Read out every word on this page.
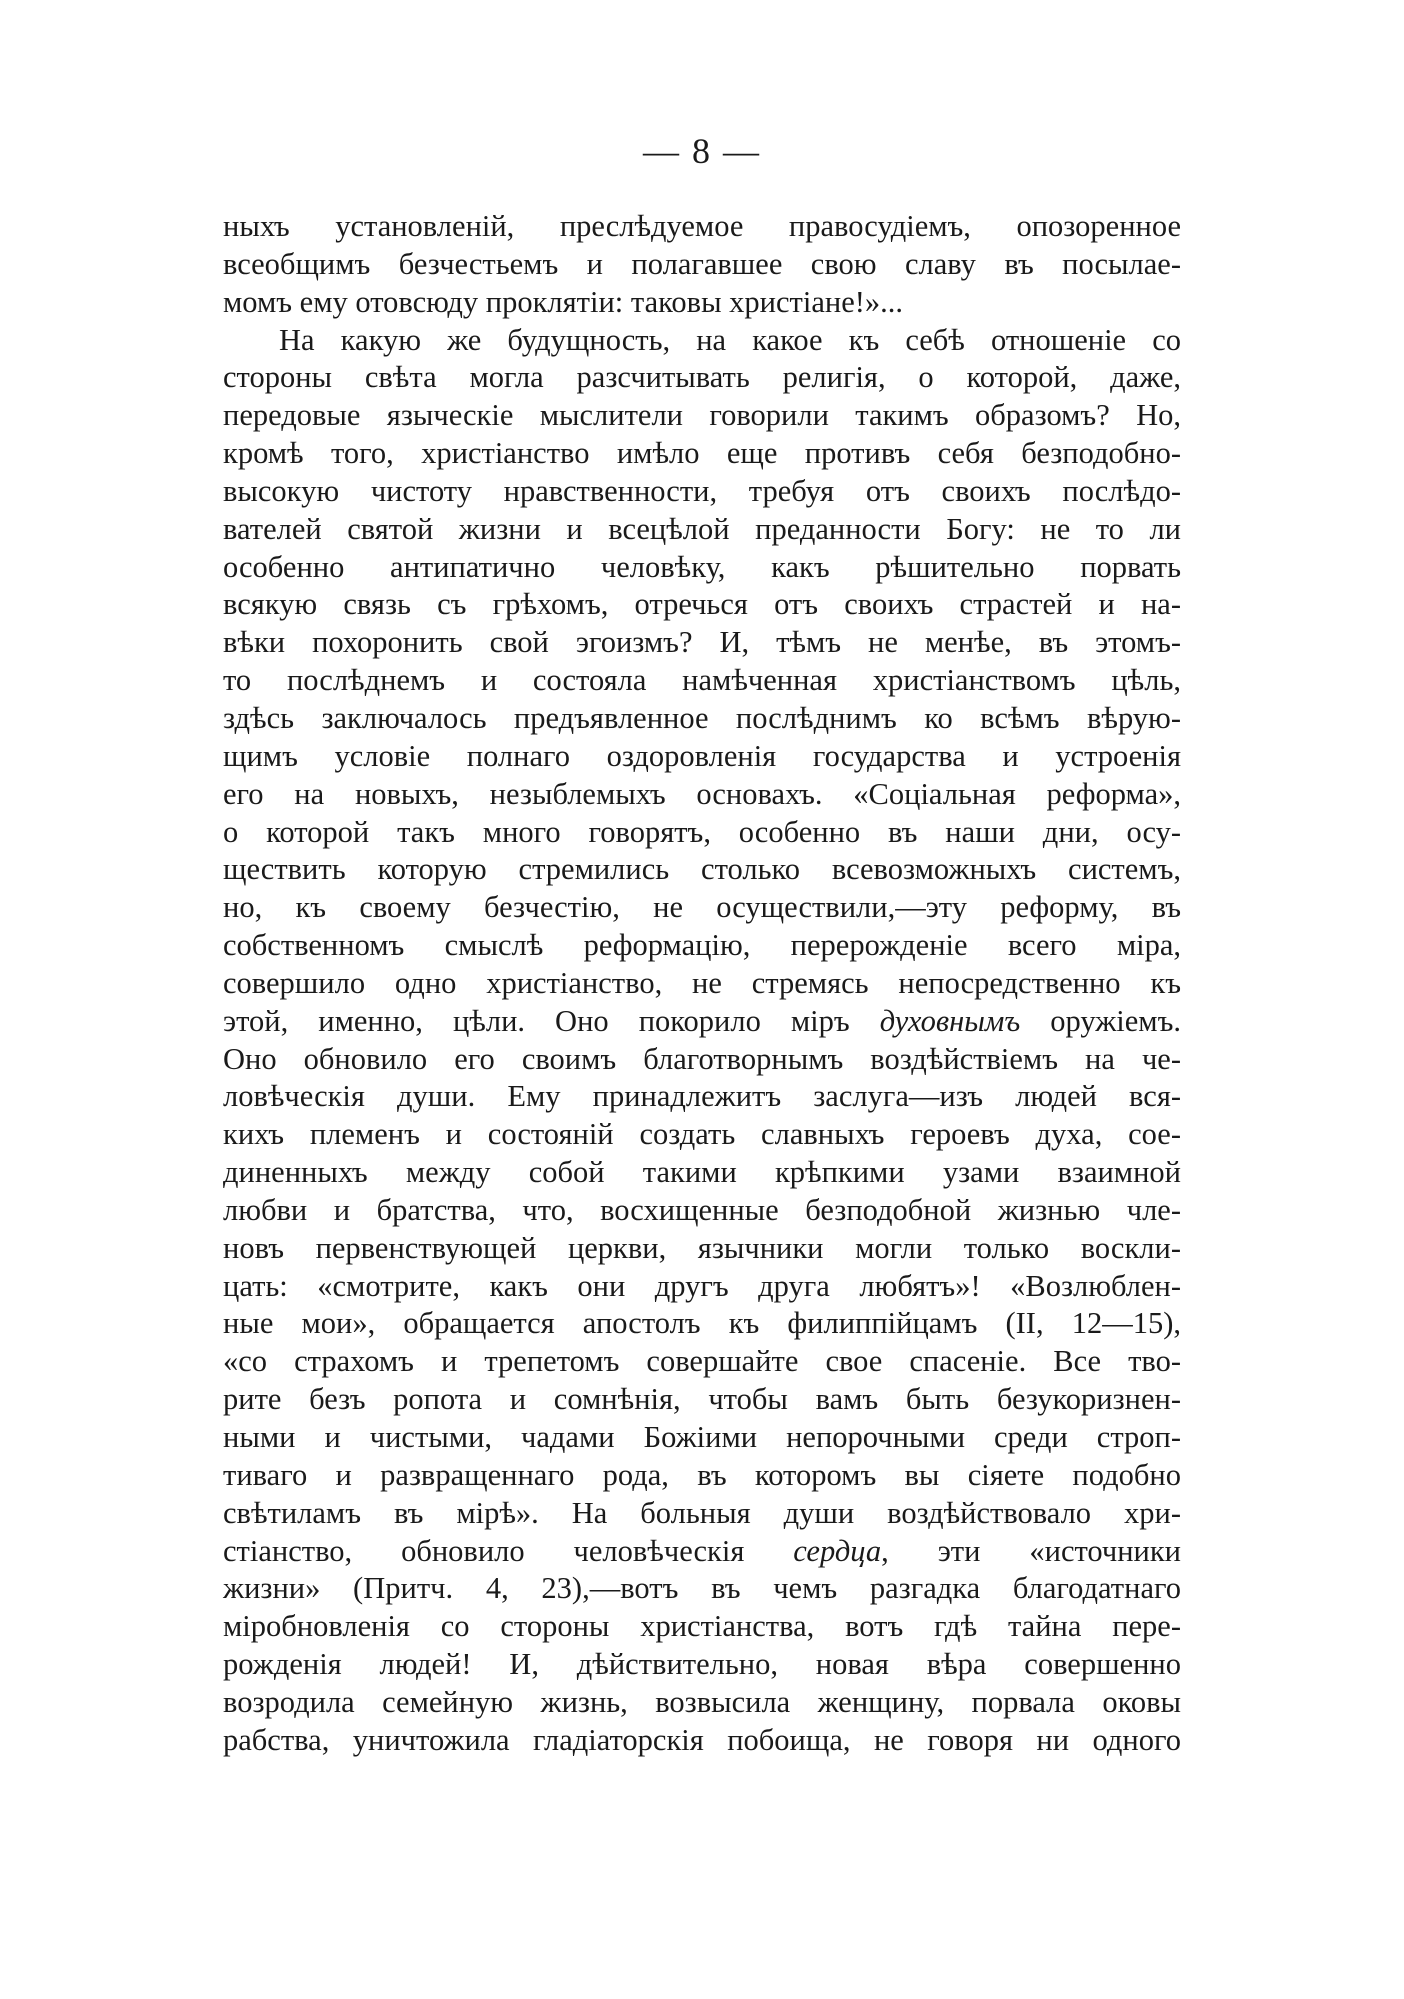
— 8 —
ныхъ установленій, преслѣдуемое правосудіемъ, опозоренное
всеобщимъ безчестьемъ и полагавшее свою славу въ посылае-
момъ ему отовсюду проклятіи: таковы христіане!»...
На какую же будущность, на какое къ себѣ отношеніе со
стороны свѣта могла разсчитывать религія, о которой, даже,
передовые языческіе мыслители говорили такимъ образомъ? Но,
кромѣ того, христіанство имѣло еще противъ себя безподобно-
высокую чистоту нравственности, требуя отъ своихъ послѣдо-
вателей святой жизни и всецѣлой преданности Богу: не то ли
особенно антипатично человѣку, какъ рѣшительно порвать
всякую связь съ грѣхомъ, отречься отъ своихъ страстей и на-
вѣки похоронить свой эгоизмъ? И, тѣмъ не менѣе, въ этомъ-
то послѣднемъ и состояла намѣченная христіанствомъ цѣль,
здѣсь заключалось предъявленное послѣднимъ ко всѣмъ вѣрую-
щимъ условіе полнаго оздоровленія государства и устроенія
его на новыхъ, незыблемыхъ основахъ. «Соціальная реформа»,
о которой такъ много говорятъ, особенно въ наши дни, осу-
ществить которую стремились столько всевозможныхъ системъ,
но, къ своему безчестію, не осуществили,—эту реформу, въ
собственномъ смыслѣ реформацію, перерожденіе всего міра,
совершило одно христіанство, не стремясь непосредственно къ
этой, именно, цѣли. Оно покорило міръ духовнымъ оружіемъ.
Оно обновило его своимъ благотворнымъ воздѣйствіемъ на че-
ловѣческія души. Ему принадлежитъ заслуга—изъ людей вся-
кихъ племенъ и состояній создать славныхъ героевъ духа, сое-
диненныхъ между собой такими крѣпкими узами взаимной
любви и братства, что, восхищенные безподобной жизнью чле-
новъ первенствующей церкви, язычники могли только воскли-
цать: «смотрите, какъ они другъ друга любятъ»! «Возлюблен-
ные мои», обращается апостолъ къ филиппійцамъ (II, 12—15),
«со страхомъ и трепетомъ совершайте свое спасеніе. Все тво-
рите безъ ропота и сомнѣнія, чтобы вамъ быть безукоризнен-
ными и чистыми, чадами Божіими непорочными среди строп-
тиваго и развращеннаго рода, въ которомъ вы сіяете подобно
свѣтиламъ въ мірѣ». На больныя души воздѣйствовало хри-
стіанство, обновило человѣческія сердца, эти «источники
жизни» (Притч. 4, 23),—вотъ въ чемъ разгадка благодатнаго
міробновленія со стороны христіанства, вотъ гдѣ тайна пере-
рожденія людей! И, дѣйствительно, новая вѣра совершенно
возродила семейную жизнь, возвысила женщину, порвала оковы
рабства, уничтожила гладіаторскія побоища, не говоря ни одного
